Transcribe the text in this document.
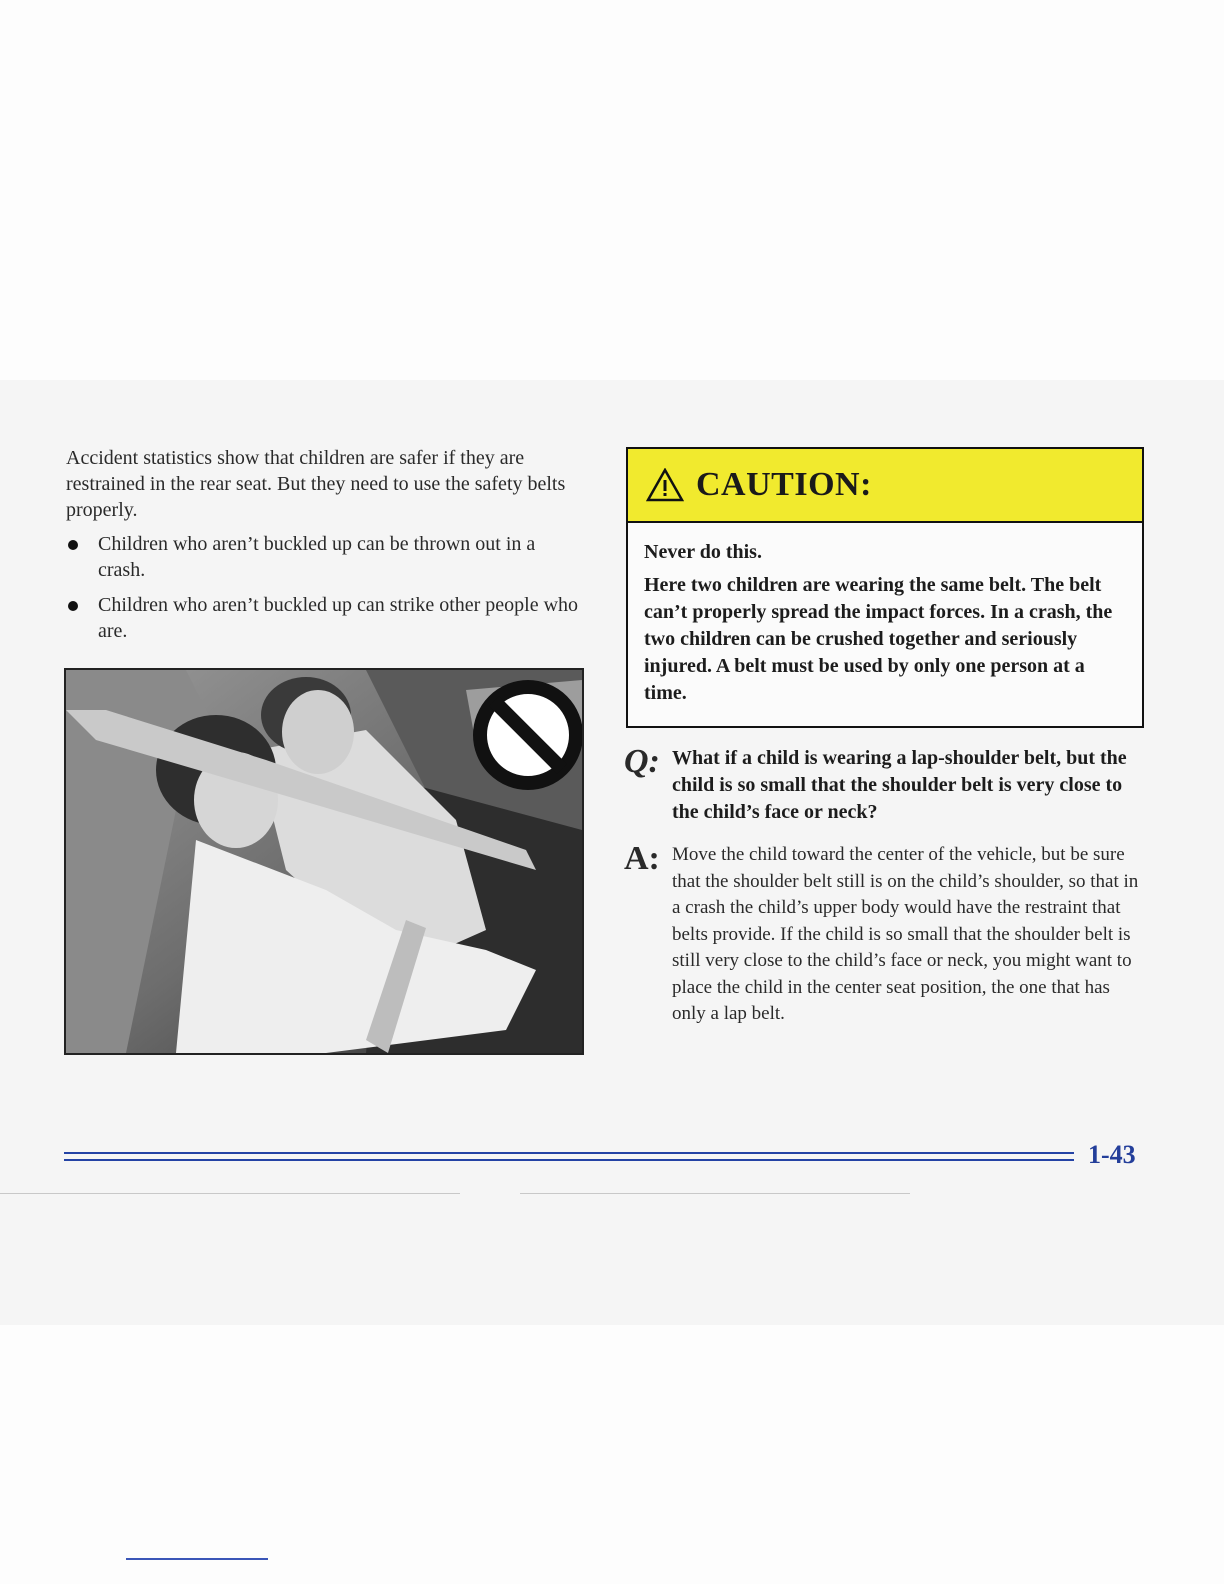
Accident statistics show that children are safer if they are restrained in the rear seat. But they need to use the safety belts properly.

Children who aren’t buckled up can be thrown out in a crash.
Children who aren’t buckled up can strike other people who are.
CAUTION:

Never do this.

Here two children are wearing the same belt. The belt can’t properly spread the impact forces. In a crash, the two children can be crushed together and seriously injured. A belt must be used by only one person at a time.

Q: What if a child is wearing a lap-shoulder belt, but the child is so small that the shoulder belt is very close to the child’s face or neck?
A: Move the child toward the center of the vehicle, but be sure that the shoulder belt still is on the child’s shoulder, so that in a crash the child’s upper body would have the restraint that belts provide. If the child is so small that the shoulder belt is still very close to the child’s face or neck, you might want to place the child in the center seat position, the one that has only a lap belt.
1-43
